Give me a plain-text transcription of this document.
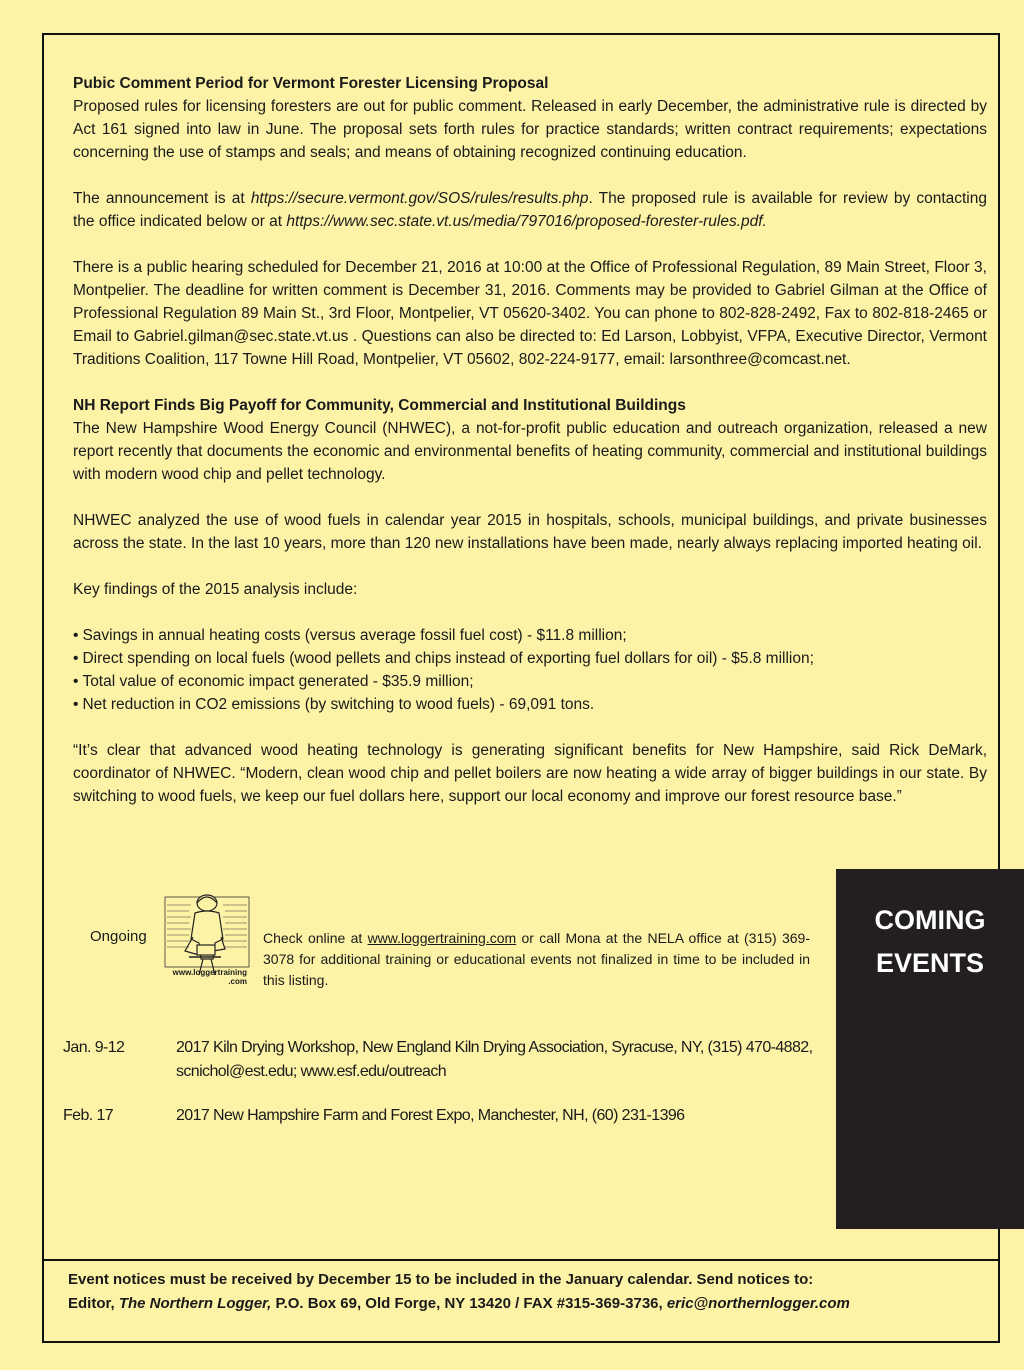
Pubic Comment Period for Vermont Forester Licensing Proposal

Proposed rules for licensing foresters are out for public comment. Released in early December, the administrative rule is directed by Act 161 signed into law in June. The proposal sets forth rules for practice standards; written contract requirements; expectations concerning the use of stamps and seals; and means of obtaining recognized continuing education.

The announcement is at https://secure.vermont.gov/SOS/rules/results.php. The proposed rule is available for review by contacting the office indicated below or at https://www.sec.state.vt.us/media/797016/proposed-forester-rules.pdf.

There is a public hearing scheduled for December 21, 2016 at 10:00 at the Office of Professional Regulation, 89 Main Street, Floor 3, Montpelier. The deadline for written comment is December 31, 2016. Comments may be provided to Gabriel Gilman at the Office of Professional Regulation 89 Main St., 3rd Floor, Montpelier, VT 05620-3402. You can phone to 802-828-2492, Fax to 802-818-2465 or Email to Gabriel.gilman@sec.state.vt.us . Questions can also be directed to: Ed Larson, Lobbyist, VFPA, Executive Director, Vermont Traditions Coalition, 117 Towne Hill Road, Montpelier, VT 05602, 802-224-9177, email: larsonthree@comcast.net.

NH Report Finds Big Payoff for Community, Commercial and Institutional Buildings

The New Hampshire Wood Energy Council (NHWEC), a not-for-profit public education and outreach organization, released a new report recently that documents the economic and environmental benefits of heating community, commercial and institutional buildings with modern wood chip and pellet technology.

NHWEC analyzed the use of wood fuels in calendar year 2015 in hospitals, schools, municipal buildings, and private businesses across the state. In the last 10 years, more than 120 new installations have been made, nearly always replacing imported heating oil.

Key findings of the 2015 analysis include:

• Savings in annual heating costs (versus average fossil fuel cost) - $11.8 million;
• Direct spending on local fuels (wood pellets and chips instead of exporting fuel dollars for oil) - $5.8 million;
• Total value of economic impact generated - $35.9 million;
• Net reduction in CO2 emissions (by switching to wood fuels) - 69,091 tons.

“It’s clear that advanced wood heating technology is generating significant benefits for New Hampshire, said Rick DeMark, coordinator of NHWEC. “Modern, clean wood chip and pellet boilers are now heating a wide array of bigger buildings in our state. By switching to wood fuels, we keep our fuel dollars here, support our local economy and improve our forest resource base.”

COMING
EVENTS
Ongoing
www.loggertraining
.com
Check online at www.loggertraining.com or call Mona at the NELA office at (315) 369-3078 for additional training or educational events not finalized in time to be included in this listing.
Jan. 9-12	2017 Kiln Drying Workshop, New England Kiln Drying Association, Syracuse, NY, (315) 470-4882, scnichol@est.edu; www.esf.edu/outreach
Feb. 17	2017 New Hampshire Farm and Forest Expo, Manchester, NH, (60) 231-1396
Event notices must be received by December 15 to be included in the January calendar. Send notices to:
Editor, The Northern Logger, P.O. Box 69, Old Forge, NY 13420 / FAX #315-369-3736, eric@northernlogger.com
